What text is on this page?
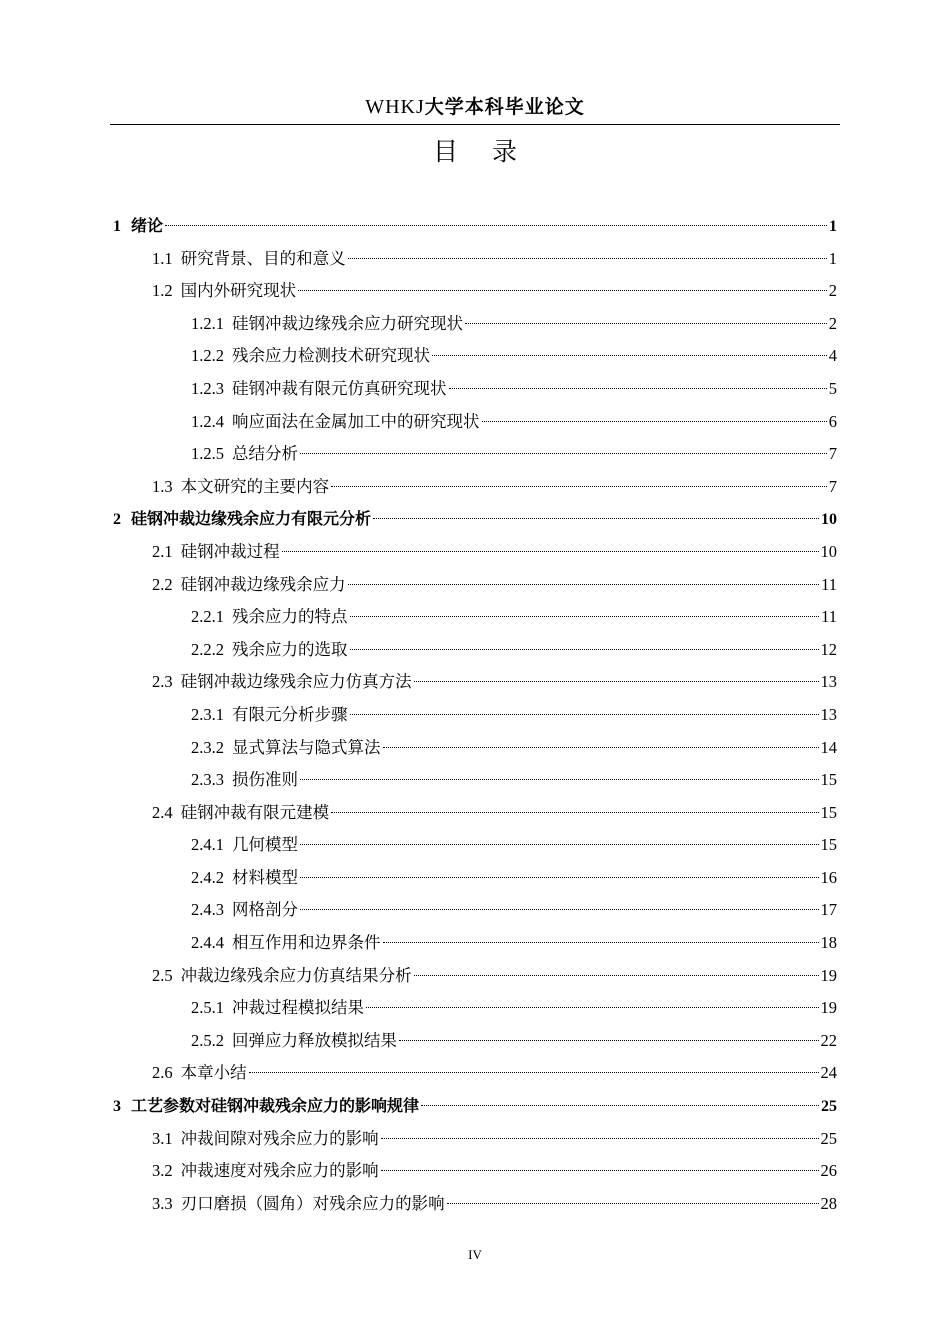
WHKJ大学本科毕业论文
目录
1 绪论	1
1.1 研究背景、目的和意义	1
1.2 国内外研究现状	2
1.2.1 硅钢冲裁边缘残余应力研究现状	2
1.2.2 残余应力检测技术研究现状	4
1.2.3 硅钢冲裁有限元仿真研究现状	5
1.2.4 响应面法在金属加工中的研究现状	6
1.2.5 总结分析	7
1.3 本文研究的主要内容	7
2 硅钢冲裁边缘残余应力有限元分析	10
2.1 硅钢冲裁过程	10
2.2 硅钢冲裁边缘残余应力	11
2.2.1 残余应力的特点	11
2.2.2 残余应力的选取	12
2.3 硅钢冲裁边缘残余应力仿真方法	13
2.3.1 有限元分析步骤	13
2.3.2 显式算法与隐式算法	14
2.3.3 损伤准则	15
2.4 硅钢冲裁有限元建模	15
2.4.1 几何模型	15
2.4.2 材料模型	16
2.4.3 网格剖分	17
2.4.4 相互作用和边界条件	18
2.5 冲裁边缘残余应力仿真结果分析	19
2.5.1 冲裁过程模拟结果	19
2.5.2 回弹应力释放模拟结果	22
2.6 本章小结	24
3 工艺参数对硅钢冲裁残余应力的影响规律	25
3.1 冲裁间隙对残余应力的影响	25
3.2 冲裁速度对残余应力的影响	26
3.3 刃口磨损（圆角）对残余应力的影响	28
IV
